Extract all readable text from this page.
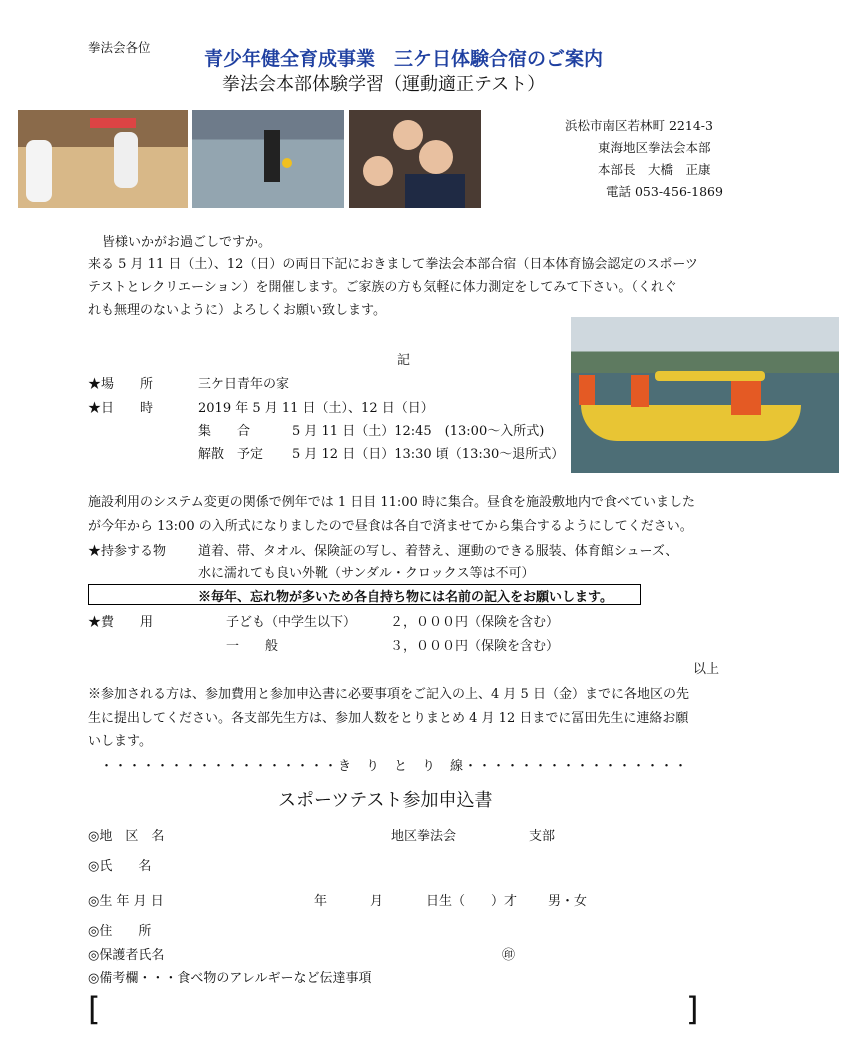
拳法会各位
青少年健全育成事業　三ケ日体験合宿のご案内
拳法会本部体験学習（運動適正テスト）
浜松市南区若林町 2214-3
東海地区拳法会本部
本部長　大橋　正康
電話 053-456-1869
皆様いかがお過ごしですか。
来る 5 月 11 日（土）、12（日）の両日下記におきまして拳法会本部合宿（日本体育協会認定のスポーツ
テストとレクリエーション）を開催します。ご家族の方も気軽に体力測定をしてみて下さい。（くれぐ
れも無理のないように）よろしくお願い致します。
記
★場　　所	三ケ日青年の家
★日　　時	2019 年 5 月 11 日（土）、12 日（日）
集　　合	5 月 11 日（土）12:45　(13:00～入所式)
解散　予定 5 月 12 日（日）13:30 頃（13:30～退所式）
施設利用のシステム変更の関係で例年では 1 日目 11:00 時に集合。昼食を施設敷地内で食べていました
が今年から 13:00 の入所式になりましたので昼食は各自で済ませてから集合するようにしてください。
★持参する物 道着、帯、タオル、保険証の写し、着替え、運動のできる服装、体育館シューズ、
水に濡れても良い外靴（サンダル・クロックス等は不可）
※毎年、忘れ物が多いため各自持ち物には名前の記入をお願いします。
★費　　用	子ども（中学生以下）	２，０００円（保険を含む）
一　　般	３，０００円（保険を含む）
以上
※参加される方は、参加費用と参加申込書に必要事項をご記入の上、4 月 5 日（金）までに各地区の先
生に提出してください。各支部先生方は、参加人数をとりまとめ 4 月 12 日までに冨田先生に連絡お願
いします。
・・・・・・・・・・・・・・・・・き　り　と　り　線・・・・・・・・・・・・・・・・
スポーツテスト参加申込書
◎地　区　名	地区拳法会	支部
◎氏　　名
◎生 年 月 日	年	月	日生（　　）才 男・女
◎住　　所
◎保護者氏名	㊞
◎備考欄・・・食べ物のアレルギーなど伝達事項
[	]
